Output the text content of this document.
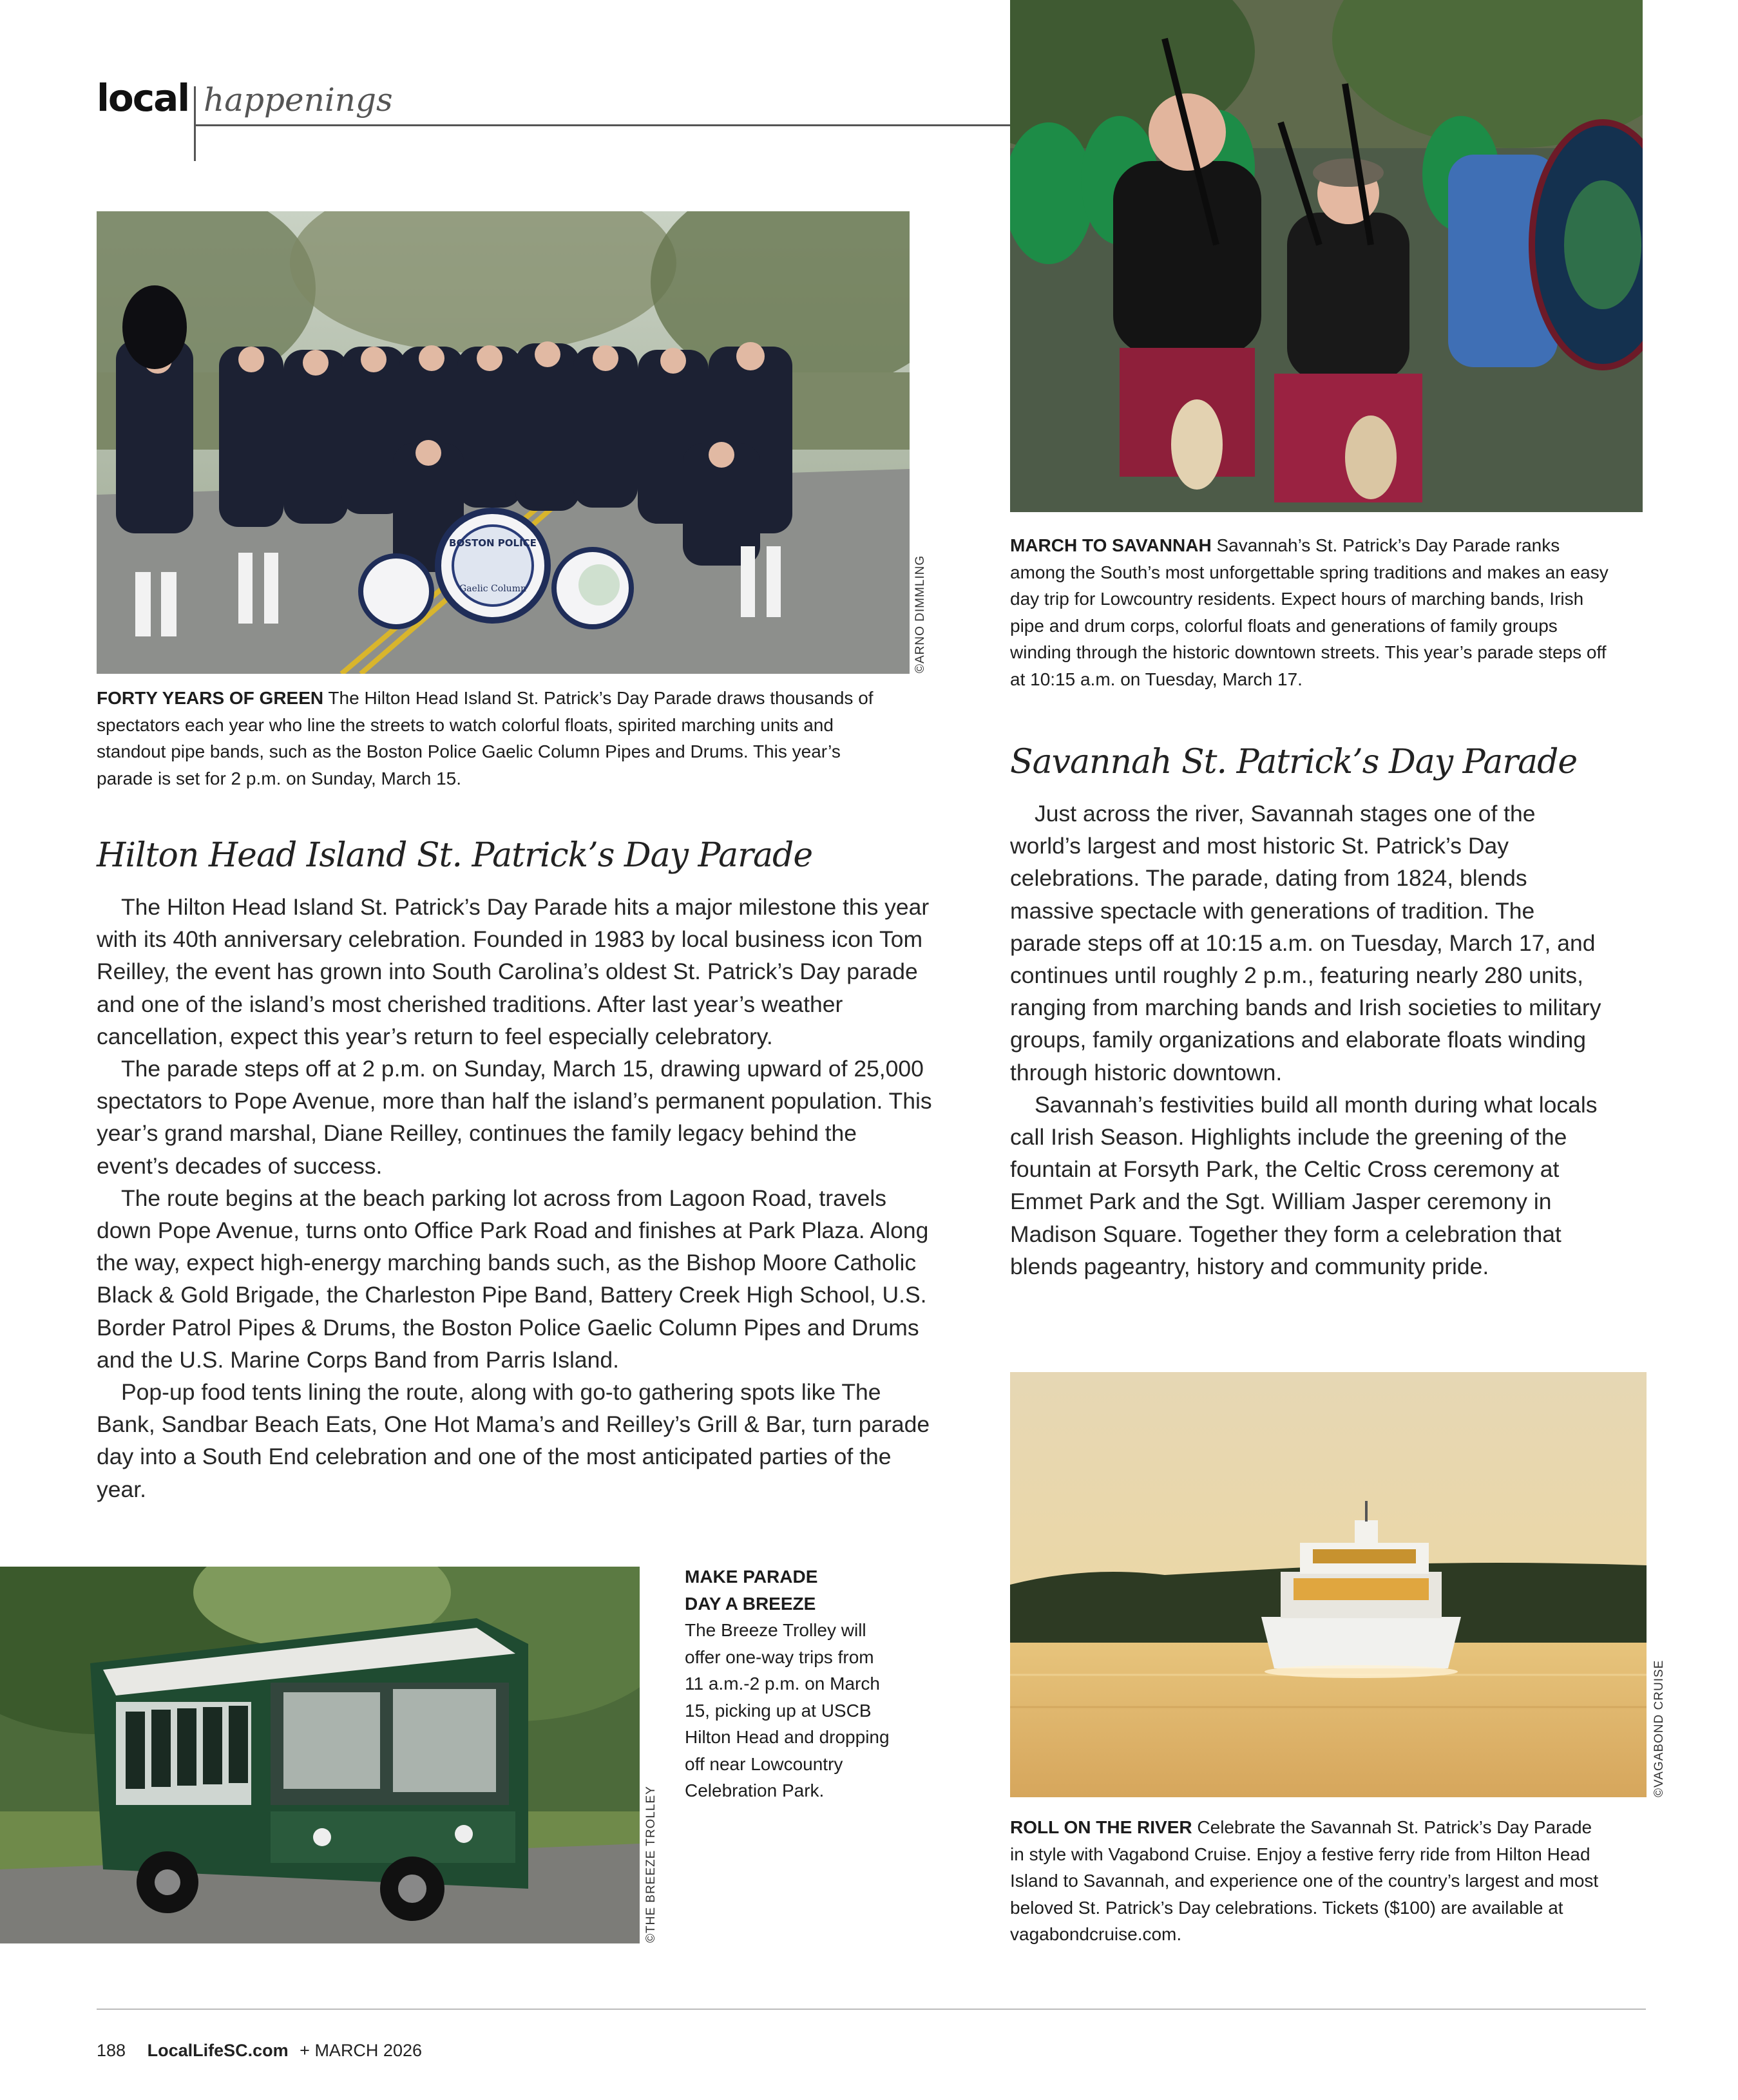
local happenings
BOSTON POLICE
Gaelic Column	©ARNO DIMMLING
MARCH TO SAVANNAH Savannah’s St. Patrick’s Day Parade ranks among the South’s most unforgettable spring traditions and makes an easy day trip for Lowcountry residents. Expect hours of marching bands, Irish pipe and drum corps, colorful floats and generations of family groups winding through the historic downtown streets. This year’s parade steps off at 10:15 a.m. on Tuesday, March 17.
FORTY YEARS OF GREEN The Hilton Head Island St. Patrick’s Day Parade draws thousands of spectators each year who line the streets to watch colorful floats, spirited marching units and standout pipe bands, such as the Boston Police Gaelic Column Pipes and Drums. This year’s parade is set for 2 p.m. on Sunday, March 15.
Hilton Head Island St. Patrick’s Day Parade

The Hilton Head Island St. Patrick’s Day Parade hits a major milestone this year with its 40th anniversary celebration. Founded in 1983 by local business icon Tom Reilley, the event has grown into South Carolina’s oldest St. Patrick’s Day parade and one of the island’s most cherished traditions. After last year’s weather cancellation, expect this year’s return to feel especially celebratory.

The parade steps off at 2 p.m. on Sunday, March 15, drawing upward of 25,000 spectators to Pope Avenue, more than half the island’s permanent population. This year’s grand marshal, Diane Reilley, continues the family legacy behind the event’s decades of success.

The route begins at the beach parking lot across from Lagoon Road, travels down Pope Avenue, turns onto Office Park Road and finishes at Park Plaza. Along the way, expect high-energy marching bands such, as the Bishop Moore Catholic Black & Gold Brigade, the Charleston Pipe Band, Battery Creek High School, U.S. Border Patrol Pipes & Drums, the Boston Police Gaelic Column Pipes and Drums and the U.S. Marine Corps Band from Parris Island.

Pop-up food tents lining the route, along with go-to gathering spots like The Bank, Sandbar Beach Eats, One Hot Mama’s and Reilley’s Grill & Bar, turn parade day into a South End celebration and one of the most anticipated parties of the year.

Savannah St. Patrick’s Day Parade

Just across the river, Savannah stages one of the world’s largest and most historic St. Patrick’s Day celebrations. The parade, dating from 1824, blends massive spectacle with generations of tradition. The parade steps off at 10:15 a.m. on Tuesday, March 17, and continues until roughly 2 p.m., featuring nearly 280 units, ranging from marching bands and Irish societies to military groups, family organizations and elaborate floats winding through historic downtown.

Savannah’s festivities build all month during what locals call Irish Season. Highlights include the greening of the fountain at Forsyth Park, the Celtic Cross ceremony at Emmet Park and the Sgt. William Jasper ceremony in Madison Square. Together they form a celebration that blends pageantry, history and community pride.

©THE BREEZE TROLLEY
MAKE PARADE
DAY A BREEZE
The Breeze Trolley will offer one-way trips from 11 a.m.-2 p.m. on March 15, picking up at USCB Hilton Head and dropping off near Lowcountry Celebration Park.	©VAGABOND CRUISE
ROLL ON THE RIVER Celebrate the Savannah St. Patrick’s Day Parade in style with Vagabond Cruise. Enjoy a festive ferry ride from Hilton Head Island to Savannah, and experience one of the country’s largest and most beloved St. Patrick’s Day celebrations. Tickets ($100) are available at vagabondcruise.com.
188 LocalLifeSC.com + MARCH 2026
